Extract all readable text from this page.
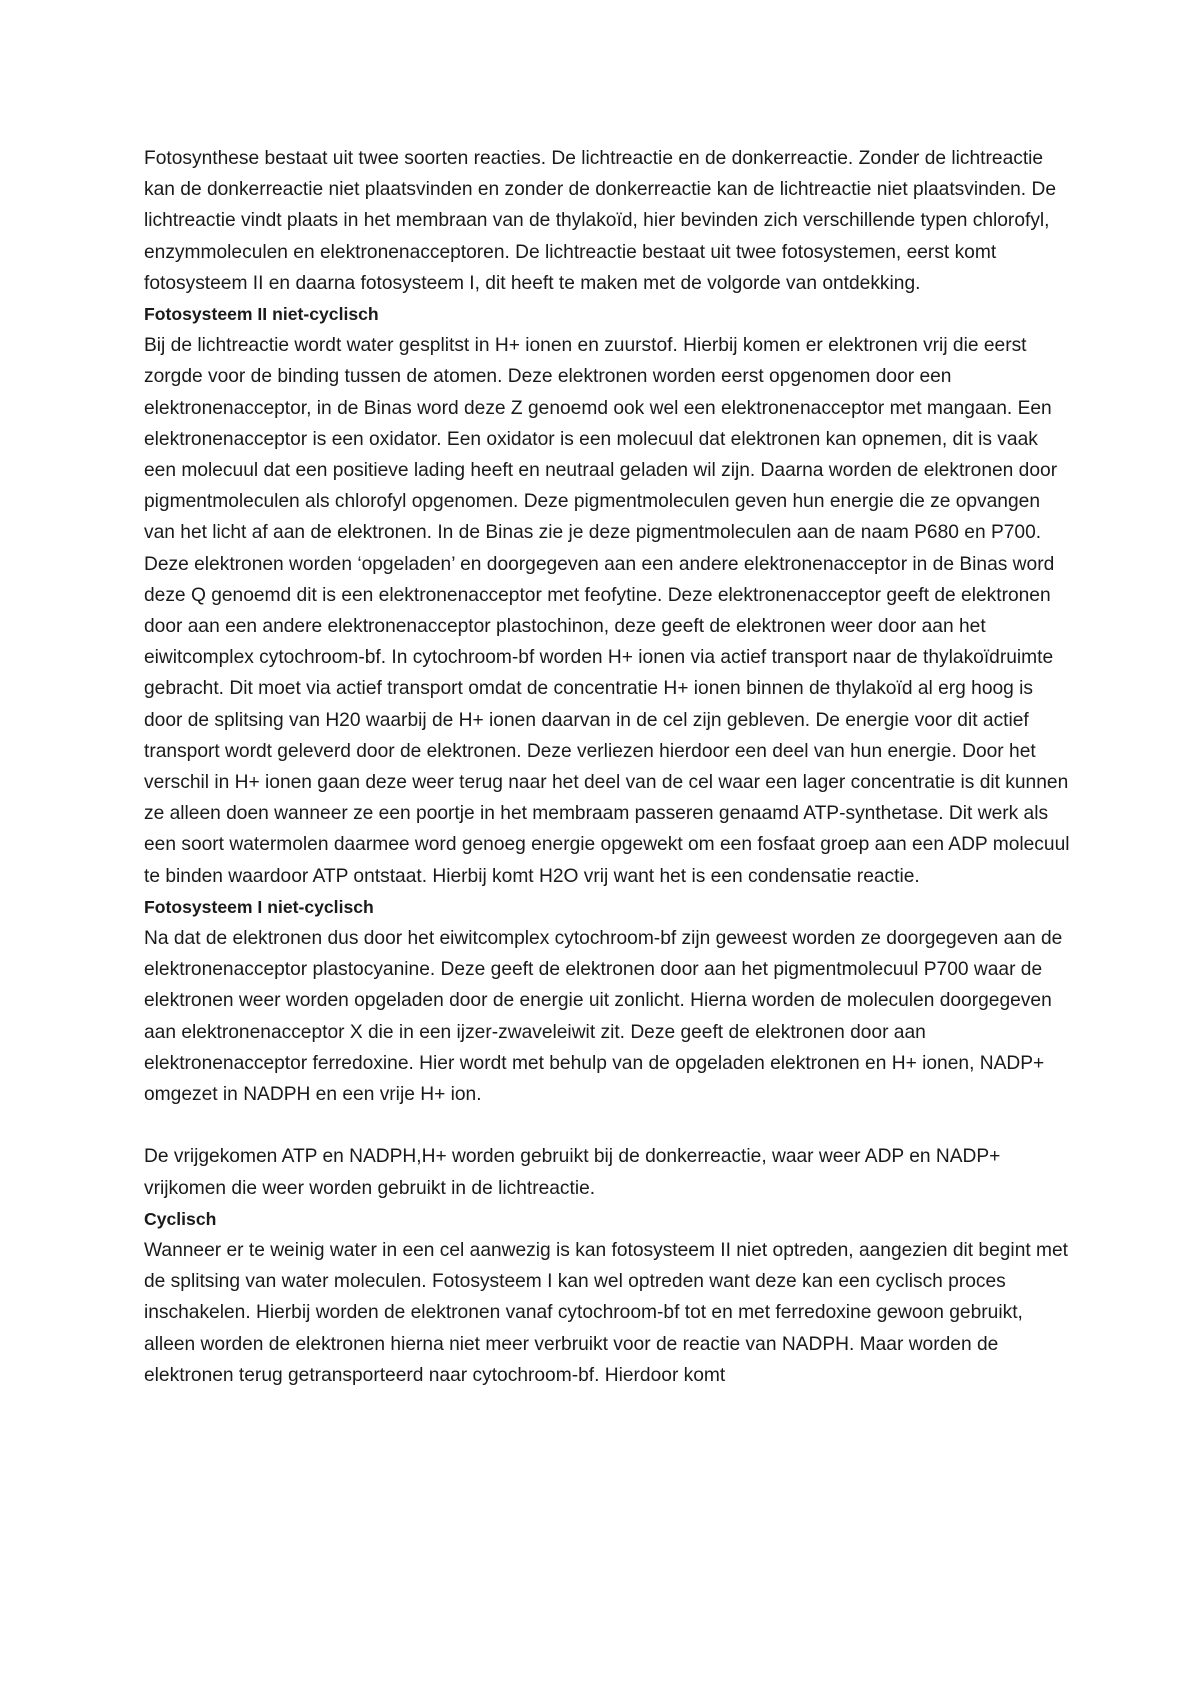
Fotosynthese bestaat uit twee soorten reacties. De lichtreactie en de donkerreactie. Zonder de lichtreactie kan de donkerreactie niet plaatsvinden en zonder de donkerreactie kan de lichtreactie niet plaatsvinden. De lichtreactie vindt plaats in het membraan van de thylakoïd, hier bevinden zich verschillende typen chlorofyl, enzymmoleculen en elektronenacceptoren. De lichtreactie bestaat uit twee fotosystemen, eerst komt fotosysteem II en daarna fotosysteem I, dit heeft te maken met de volgorde van ontdekking.

Fotosysteem II niet-cyclisch

Bij de lichtreactie wordt water gesplitst in H+ ionen en zuurstof. Hierbij komen er elektronen vrij die eerst zorgde voor de binding tussen de atomen. Deze elektronen worden eerst opgenomen door een elektronenacceptor, in de Binas word deze Z genoemd ook wel een elektronenacceptor met mangaan. Een elektronenacceptor is een oxidator. Een oxidator is een molecuul dat elektronen kan opnemen, dit is vaak een molecuul dat een positieve lading heeft en neutraal geladen wil zijn. Daarna worden de elektronen door pigmentmoleculen als chlorofyl opgenomen. Deze pigmentmoleculen geven hun energie die ze opvangen van het licht af aan de elektronen. In de Binas zie je deze pigmentmoleculen aan de naam P680 en P700. Deze elektronen worden ‘opgeladen’ en doorgegeven aan een andere elektronenacceptor in de Binas word deze Q genoemd dit is een elektronenacceptor met feofytine. Deze elektronenacceptor geeft de elektronen door aan een andere elektronenacceptor plastochinon, deze geeft de elektronen weer door aan het eiwitcomplex cytochroom-bf. In cytochroom-bf worden H+ ionen via actief transport naar de thylakoïdruimte gebracht. Dit moet via actief transport omdat de concentratie H+ ionen binnen de thylakoïd al erg hoog is door de splitsing van H20 waarbij de H+ ionen daarvan in de cel zijn gebleven. De energie voor dit actief transport wordt geleverd door de elektronen. Deze verliezen hierdoor een deel van hun energie. Door het verschil in H+ ionen gaan deze weer terug naar het deel van de cel waar een lager concentratie is dit kunnen ze alleen doen wanneer ze een poortje in het membraam passeren genaamd ATP-synthetase. Dit werk als een soort watermolen daarmee word genoeg energie opgewekt om een fosfaat groep aan een ADP molecuul te binden waardoor ATP ontstaat. Hierbij komt H2O vrij want het is een condensatie reactie.

Fotosysteem I niet-cyclisch

Na dat de elektronen dus door het eiwitcomplex cytochroom-bf zijn geweest worden ze doorgegeven aan de elektronenacceptor plastocyanine. Deze geeft de elektronen door aan het pigmentmolecuul P700 waar de elektronen weer worden opgeladen door de energie uit zonlicht. Hierna worden de moleculen doorgegeven aan elektronenacceptor X die in een ijzer-zwaveleiwit zit. Deze geeft de elektronen door aan elektronenacceptor ferredoxine. Hier wordt met behulp van de opgeladen elektronen en H+ ionen, NADP+ omgezet in NADPH en een vrije H+ ion.

De vrijgekomen ATP en NADPH,H+ worden gebruikt bij de donkerreactie, waar weer ADP en NADP+ vrijkomen die weer worden gebruikt in de lichtreactie.

Cyclisch

Wanneer er te weinig water in een cel aanwezig is kan fotosysteem II niet optreden, aangezien dit begint met de splitsing van water moleculen. Fotosysteem I kan wel optreden want deze kan een cyclisch proces inschakelen. Hierbij worden de elektronen vanaf cytochroom-bf tot en met ferredoxine gewoon gebruikt, alleen worden de elektronen hierna niet meer verbruikt voor de reactie van NADPH. Maar worden de elektronen terug getransporteerd naar cytochroom-bf. Hierdoor komt
